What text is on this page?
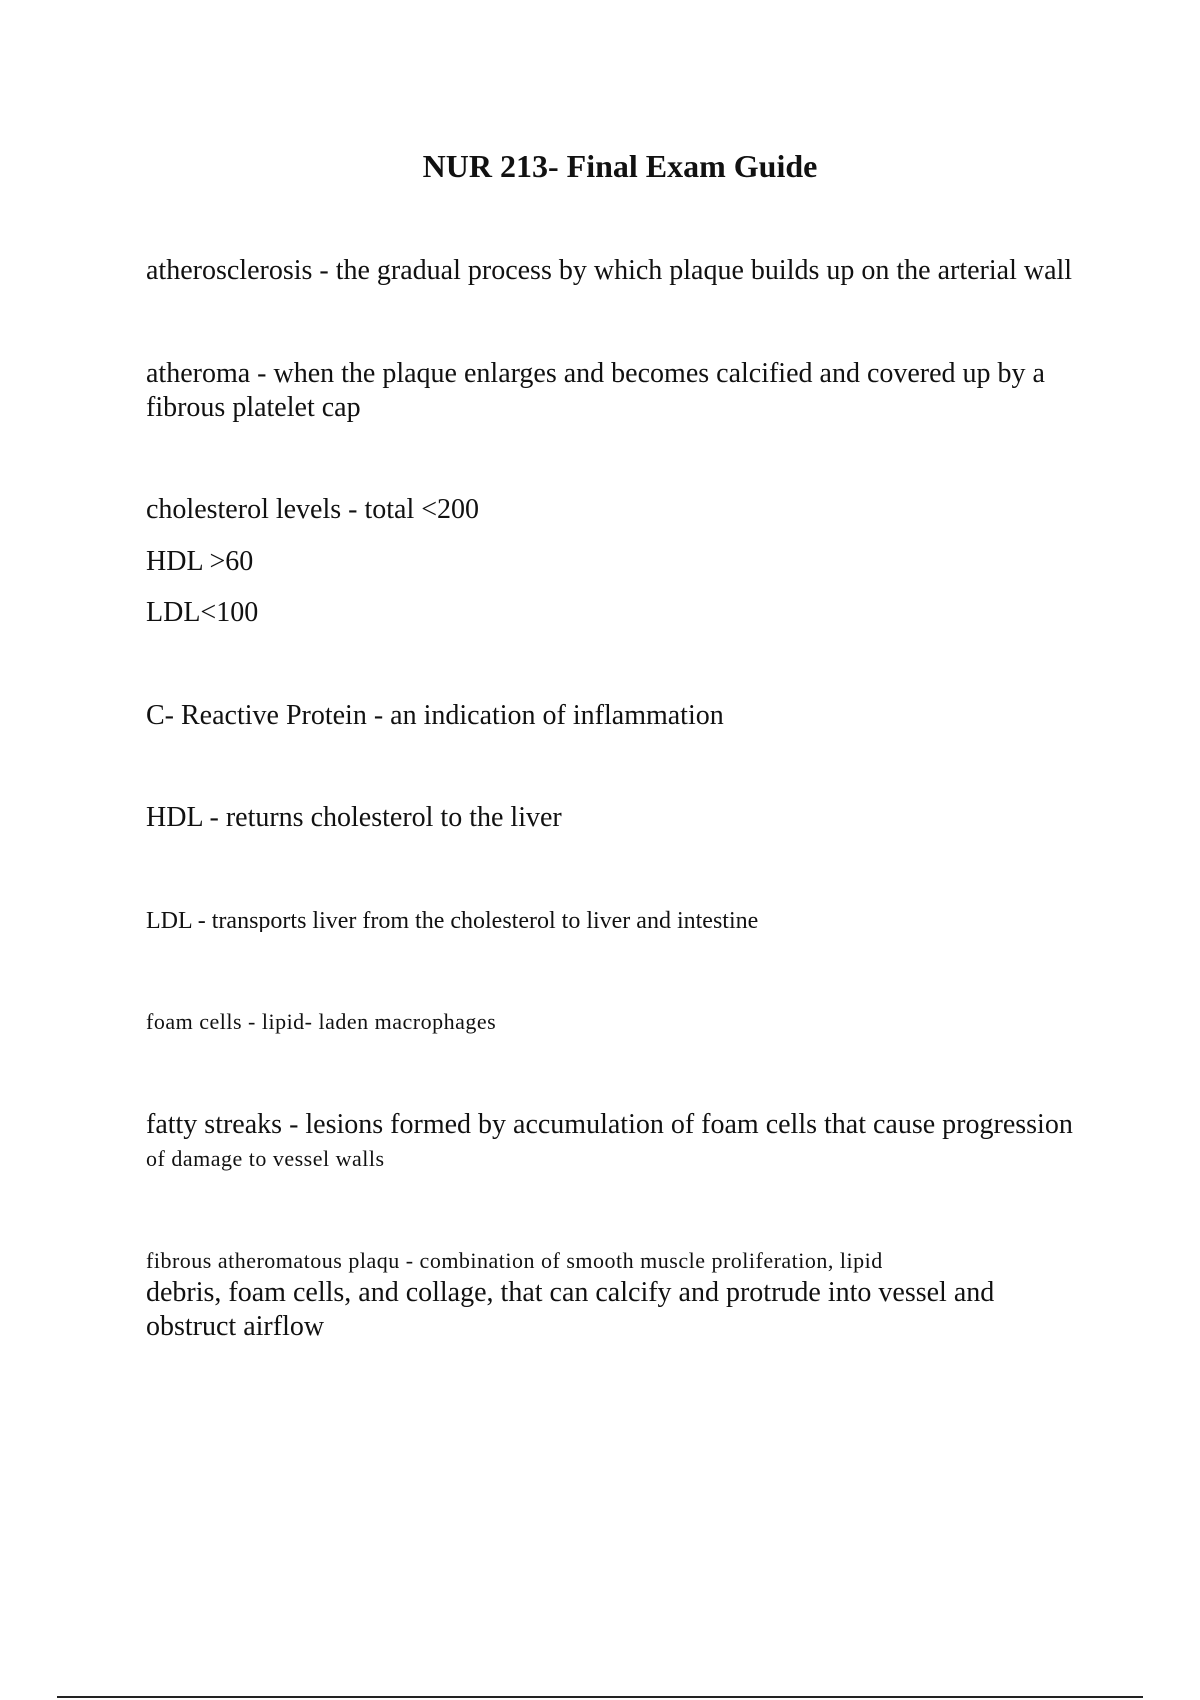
NUR 213- Final Exam Guide
atherosclerosis - the gradual process by which plaque builds up on the arterial wall
atheroma - when the plaque enlarges and becomes calcified and covered up by a
fibrous platelet cap
cholesterol levels - total <200
HDL >60
LDL<100
C- Reactive Protein - an indication of inflammation
HDL - returns cholesterol to the liver
LDL - transports liver from the cholesterol to liver and intestine
foam cells - lipid- laden macrophages
fatty streaks - lesions formed by accumulation of foam cells that cause progression
of damage to vessel walls
fibrous atheromatous plaqu - combination of smooth muscle proliferation, lipid
debris, foam cells, and collage, that can calcify and protrude into vessel and
obstruct airflow
